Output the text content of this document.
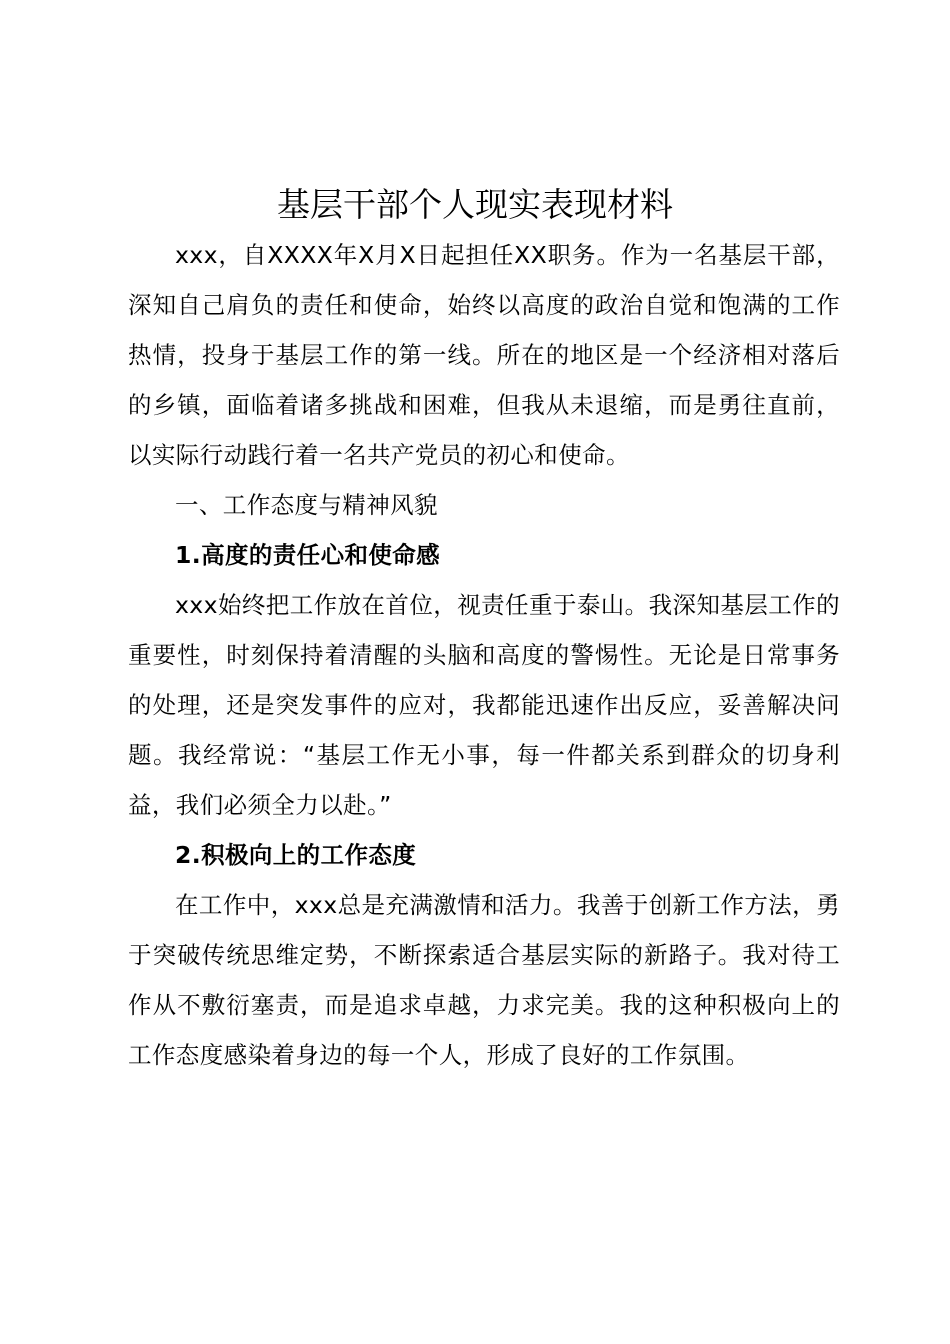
基层干部个人现实表现材料

xxx，自XXXX年X月X日起担任XX职务。作为一名基层干部，深知自己肩负的责任和使命，始终以高度的政治自觉和饱满的工作热情，投身于基层工作的第一线。所在的地区是一个经济相对落后的乡镇，面临着诸多挑战和困难，但我从未退缩，而是勇往直前，以实际行动践行着一名共产党员的初心和使命。

一、工作态度与精神风貌

1.高度的责任心和使命感

xxx始终把工作放在首位，视责任重于泰山。我深知基层工作的重要性，时刻保持着清醒的头脑和高度的警惕性。无论是日常事务的处理，还是突发事件的应对，我都能迅速作出反应，妥善解决问题。我经常说：“基层工作无小事，每一件都关系到群众的切身利益，我们必须全力以赴。”

2.积极向上的工作态度

在工作中，xxx总是充满激情和活力。我善于创新工作方法，勇于突破传统思维定势，不断探索适合基层实际的新路子。我对待工作从不敷衍塞责，而是追求卓越，力求完美。我的这种积极向上的工作态度感染着身边的每一个人，形成了良好的工作氛围。
